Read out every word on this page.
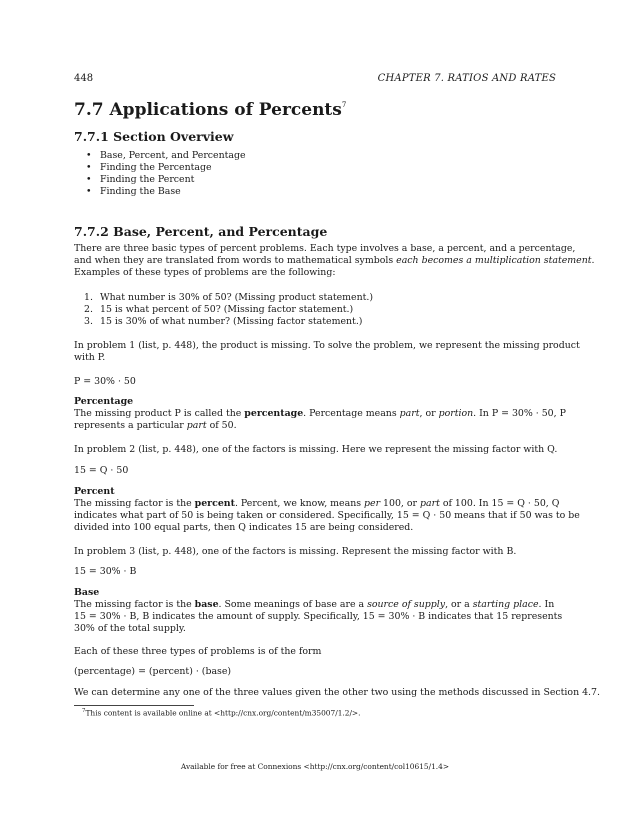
448	CHAPTER 7. RATIOS AND RATES
7.7 Applications of Percents$^7$
7.7.1 Section Overview
• Base, Percent, and Percentage
• Finding the Percentage
• Finding the Percent
• Finding the Base
7.7.2 Base, Percent, and Percentage
There are three basic types of percent problems. Each type involves a base, a percent, and a percentage,
and when they are translated from words to mathematical symbols each becomes a multiplication statement.
Examples of these types of problems are the following:
1. What number is 30% of 50? (Missing product statement.)
2. 15 is what percent of 50? (Missing factor statement.)
3. 15 is 30% of what number? (Missing factor statement.)
In problem 1 (list, p. 448), the product is missing. To solve the problem, we represent the missing product
with P.
P = 30% · 50
Percentage
The missing product P is called the percentage. Percentage means part, or portion. In P = 30% · 50, P
represents a particular part of 50.
In problem 2 (list, p. 448), one of the factors is missing. Here we represent the missing factor with Q.
15 = Q · 50
Percent
The missing factor is the percent. Percent, we know, means per 100, or part of 100. In 15 = Q · 50, Q
indicates what part of 50 is being taken or considered. Specifically, 15 = Q · 50 means that if 50 was to be
divided into 100 equal parts, then Q indicates 15 are being considered.
In problem 3 (list, p. 448), one of the factors is missing. Represent the missing factor with B.
15 = 30% · B
Base
The missing factor is the base. Some meanings of base are a source of supply, or a starting place. In
15 = 30% · B, B indicates the amount of supply. Specifically, 15 = 30% · B indicates that 15 represents
30% of the total supply.
Each of these three types of problems is of the form
(percentage) = (percent) · (base)
We can determine any one of the three values given the other two using the methods discussed in Section 4.7.
$^7$This content is available online at <http://cnx.org/content/m35007/1.2/>.
Available for free at Connexions <http://cnx.org/content/col10615/1.4>
